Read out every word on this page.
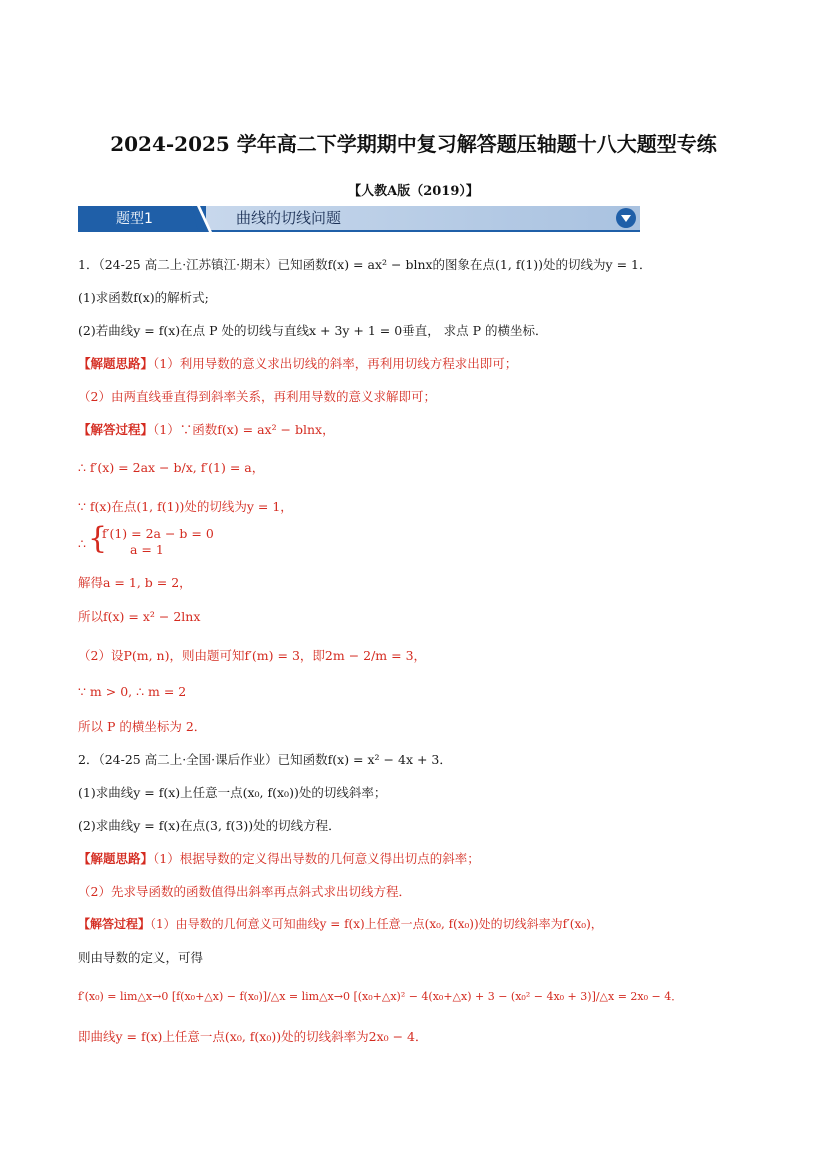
2024-2025 学年高二下学期期中复习解答题压轴题十八大题型专练
【人教A版（2019）】
题型1	曲线的切线问题
1．（24-25 高二上·江苏镇江·期末）已知函数f(x) = ax² − blnx的图象在点(1, f(1))处的切线为y = 1．
(1)求函数f(x)的解析式;
(2)若曲线y = f(x)在点 P 处的切线与直线x + 3y + 1 = 0垂直， 求点 P 的横坐标．
【解题思路】（1）利用导数的意义求出切线的斜率，再利用切线方程求出即可；
（2）由两直线垂直得到斜率关系，再利用导数的意义求解即可；
【解答过程】（1）∵函数f(x) = ax² − blnx，
∴ f′(x) = 2ax − b/x, f′(1) = a，
∵ f(x)在点(1, f(1))处的切线为y = 1，
∴ {
f′(1) = 2a − b = 0
a = 1
解得a = 1, b = 2，
所以f(x) = x² − 2lnx
（2）设P(m, n)，则由题可知f′(m) = 3，即2m − 2/m = 3，
∵ m > 0, ∴ m = 2
所以 P 的横坐标为 2．
2．（24-25 高二上·全国·课后作业）已知函数f(x) = x² − 4x + 3．
(1)求曲线y = f(x)上任意一点(x₀, f(x₀))处的切线斜率；
(2)求曲线y = f(x)在点(3, f(3))处的切线方程．
【解题思路】（1）根据导数的定义得出导数的几何意义得出切点的斜率；
（2）先求导函数的函数值得出斜率再点斜式求出切线方程．
【解答过程】（1）由导数的几何意义可知曲线y = f(x)上任意一点(x₀, f(x₀))处的切线斜率为f′(x₀)，
则由导数的定义，可得
f′(x₀) = lim△x→0 [f(x₀+△x) − f(x₀)]/△x = lim△x→0 [(x₀+△x)² − 4(x₀+△x) + 3 − (x₀² − 4x₀ + 3)]/△x = 2x₀ − 4．
即曲线y = f(x)上任意一点(x₀, f(x₀))处的切线斜率为2x₀ − 4．
